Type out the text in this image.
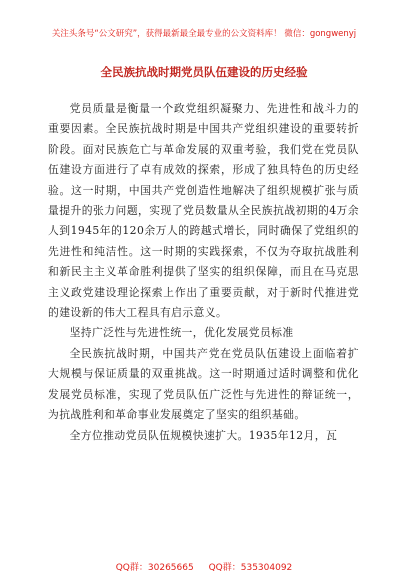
关注头条号“公文研究”，获得最新最全最专业的公文资料库！ 微信：gongwenyj
全民族抗战时期党员队伍建设的历史经验

党员质量是衡量一个政党组织凝聚力、先进性和战斗力的重要因素。全民族抗战时期是中国共产党组织建设的重要转折阶段。面对民族危亡与革命发展的双重考验，我们党在党员队伍建设方面进行了卓有成效的探索，形成了独具特色的历史经验。这一时期，中国共产党创造性地解决了组织规模扩张与质量提升的张力问题，实现了党员数量从全民族抗战初期的4万余人到1945年的120余万人的跨越式增长，同时确保了党组织的先进性和纯洁性。这一时期的实践探索，不仅为夺取抗战胜利和新民主主义革命胜利提供了坚实的组织保障，而且在马克思主义政党建设理论探索上作出了重要贡献，对于新时代推进党的建设新的伟大工程具有启示意义。

坚持广泛性与先进性统一，优化发展党员标准

全民族抗战时期，中国共产党在党员队伍建设上面临着扩大规模与保证质量的双重挑战。这一时期通过适时调整和优化发展党员标准，实现了党员队伍广泛性与先进性的辩证统一，为抗战胜利和革命事业发展奠定了坚实的组织基础。

全方位推动党员队伍规模快速扩大。1935年12月，瓦

QQ群：30265665 QQ群：535304092
